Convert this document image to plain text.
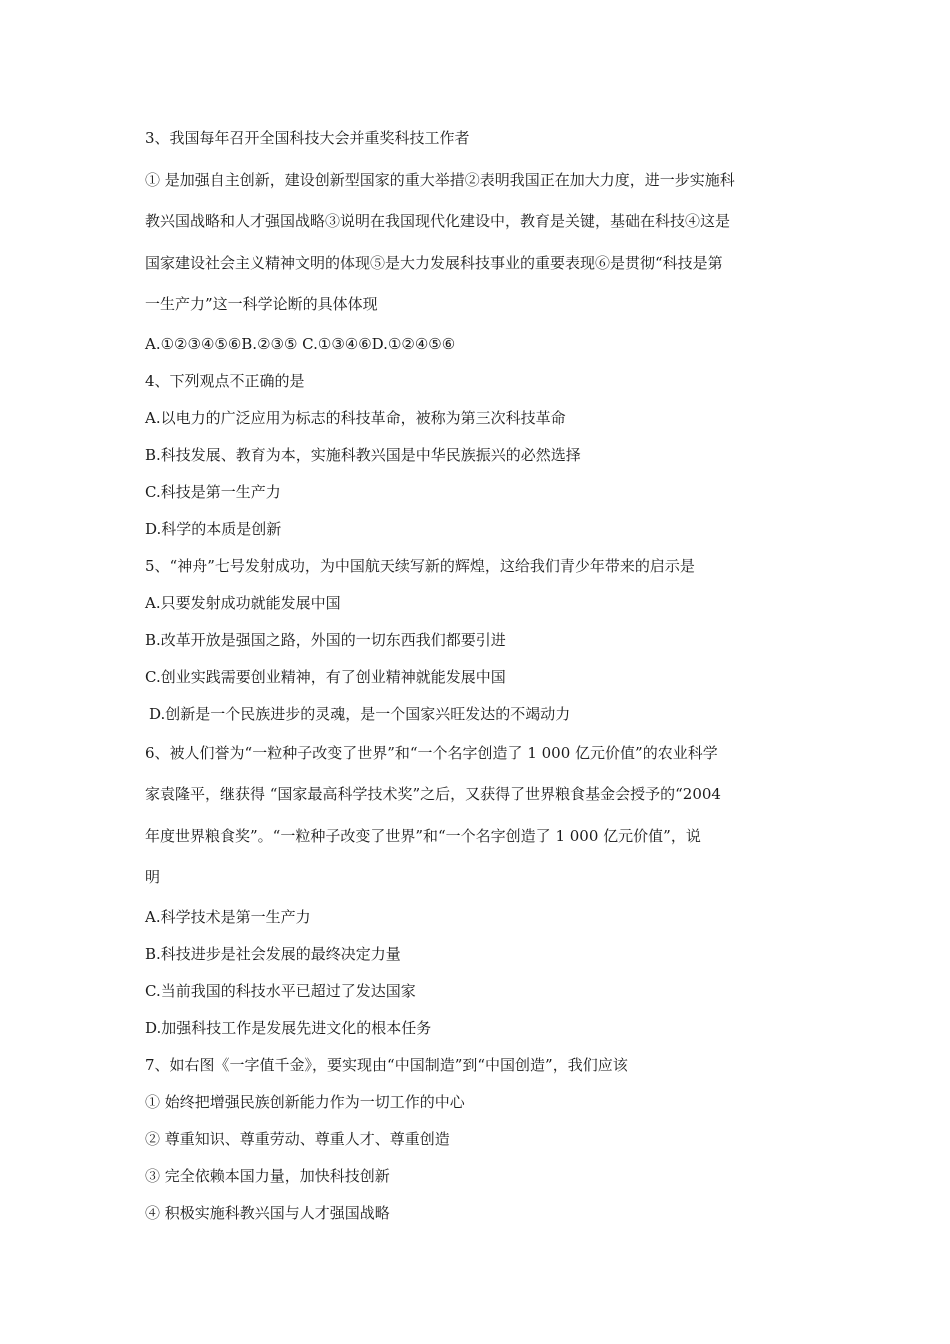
3、我国每年召开全国科技大会并重奖科技工作者

① 是加强自主创新，建设创新型国家的重大举措②表明我国正在加大力度，进一步实施科

教兴国战略和人才强国战略③说明在我国现代化建设中，教育是关键，基础在科技④这是

国家建设社会主义精神文明的体现⑤是大力发展科技事业的重要表现⑥是贯彻“科技是第

一生产力”这一科学论断的具体体现

A.①②③④⑤⑥B.②③⑤ C.①③④⑥D.①②④⑤⑥

4、下列观点不正确的是

A.以电力的广泛应用为标志的科技革命，被称为第三次科技革命

B.科技发展、教育为本，实施科教兴国是中华民族振兴的必然选择

C.科技是第一生产力

D.科学的本质是创新

5、“神舟”七号发射成功，为中国航天续写新的辉煌，这给我们青少年带来的启示是

A.只要发射成功就能发展中国

B.改革开放是强国之路，外国的一切东西我们都要引进

C.创业实践需要创业精神，有了创业精神就能发展中国

D.创新是一个民族进步的灵魂，是一个国家兴旺发达的不竭动力

6、被人们誉为“一粒种子改变了世界”和“一个名字创造了 1 000 亿元价值”的农业科学

家袁隆平，继获得 “国家最高科学技术奖”之后，又获得了世界粮食基金会授予的“2004

年度世界粮食奖”。“一粒种子改变了世界”和“一个名字创造了 1 000 亿元价值”，说

明

A.科学技术是第一生产力

B.科技进步是社会发展的最终决定力量

C.当前我国的科技水平已超过了发达国家

D.加强科技工作是发展先进文化的根本任务

7、如右图《一字值千金》，要实现由“中国制造”到“中国创造”，我们应该

① 始终把增强民族创新能力作为一切工作的中心

② 尊重知识、尊重劳动、尊重人才、尊重创造

③ 完全依赖本国力量，加快科技创新

④ 积极实施科教兴国与人才强国战略
